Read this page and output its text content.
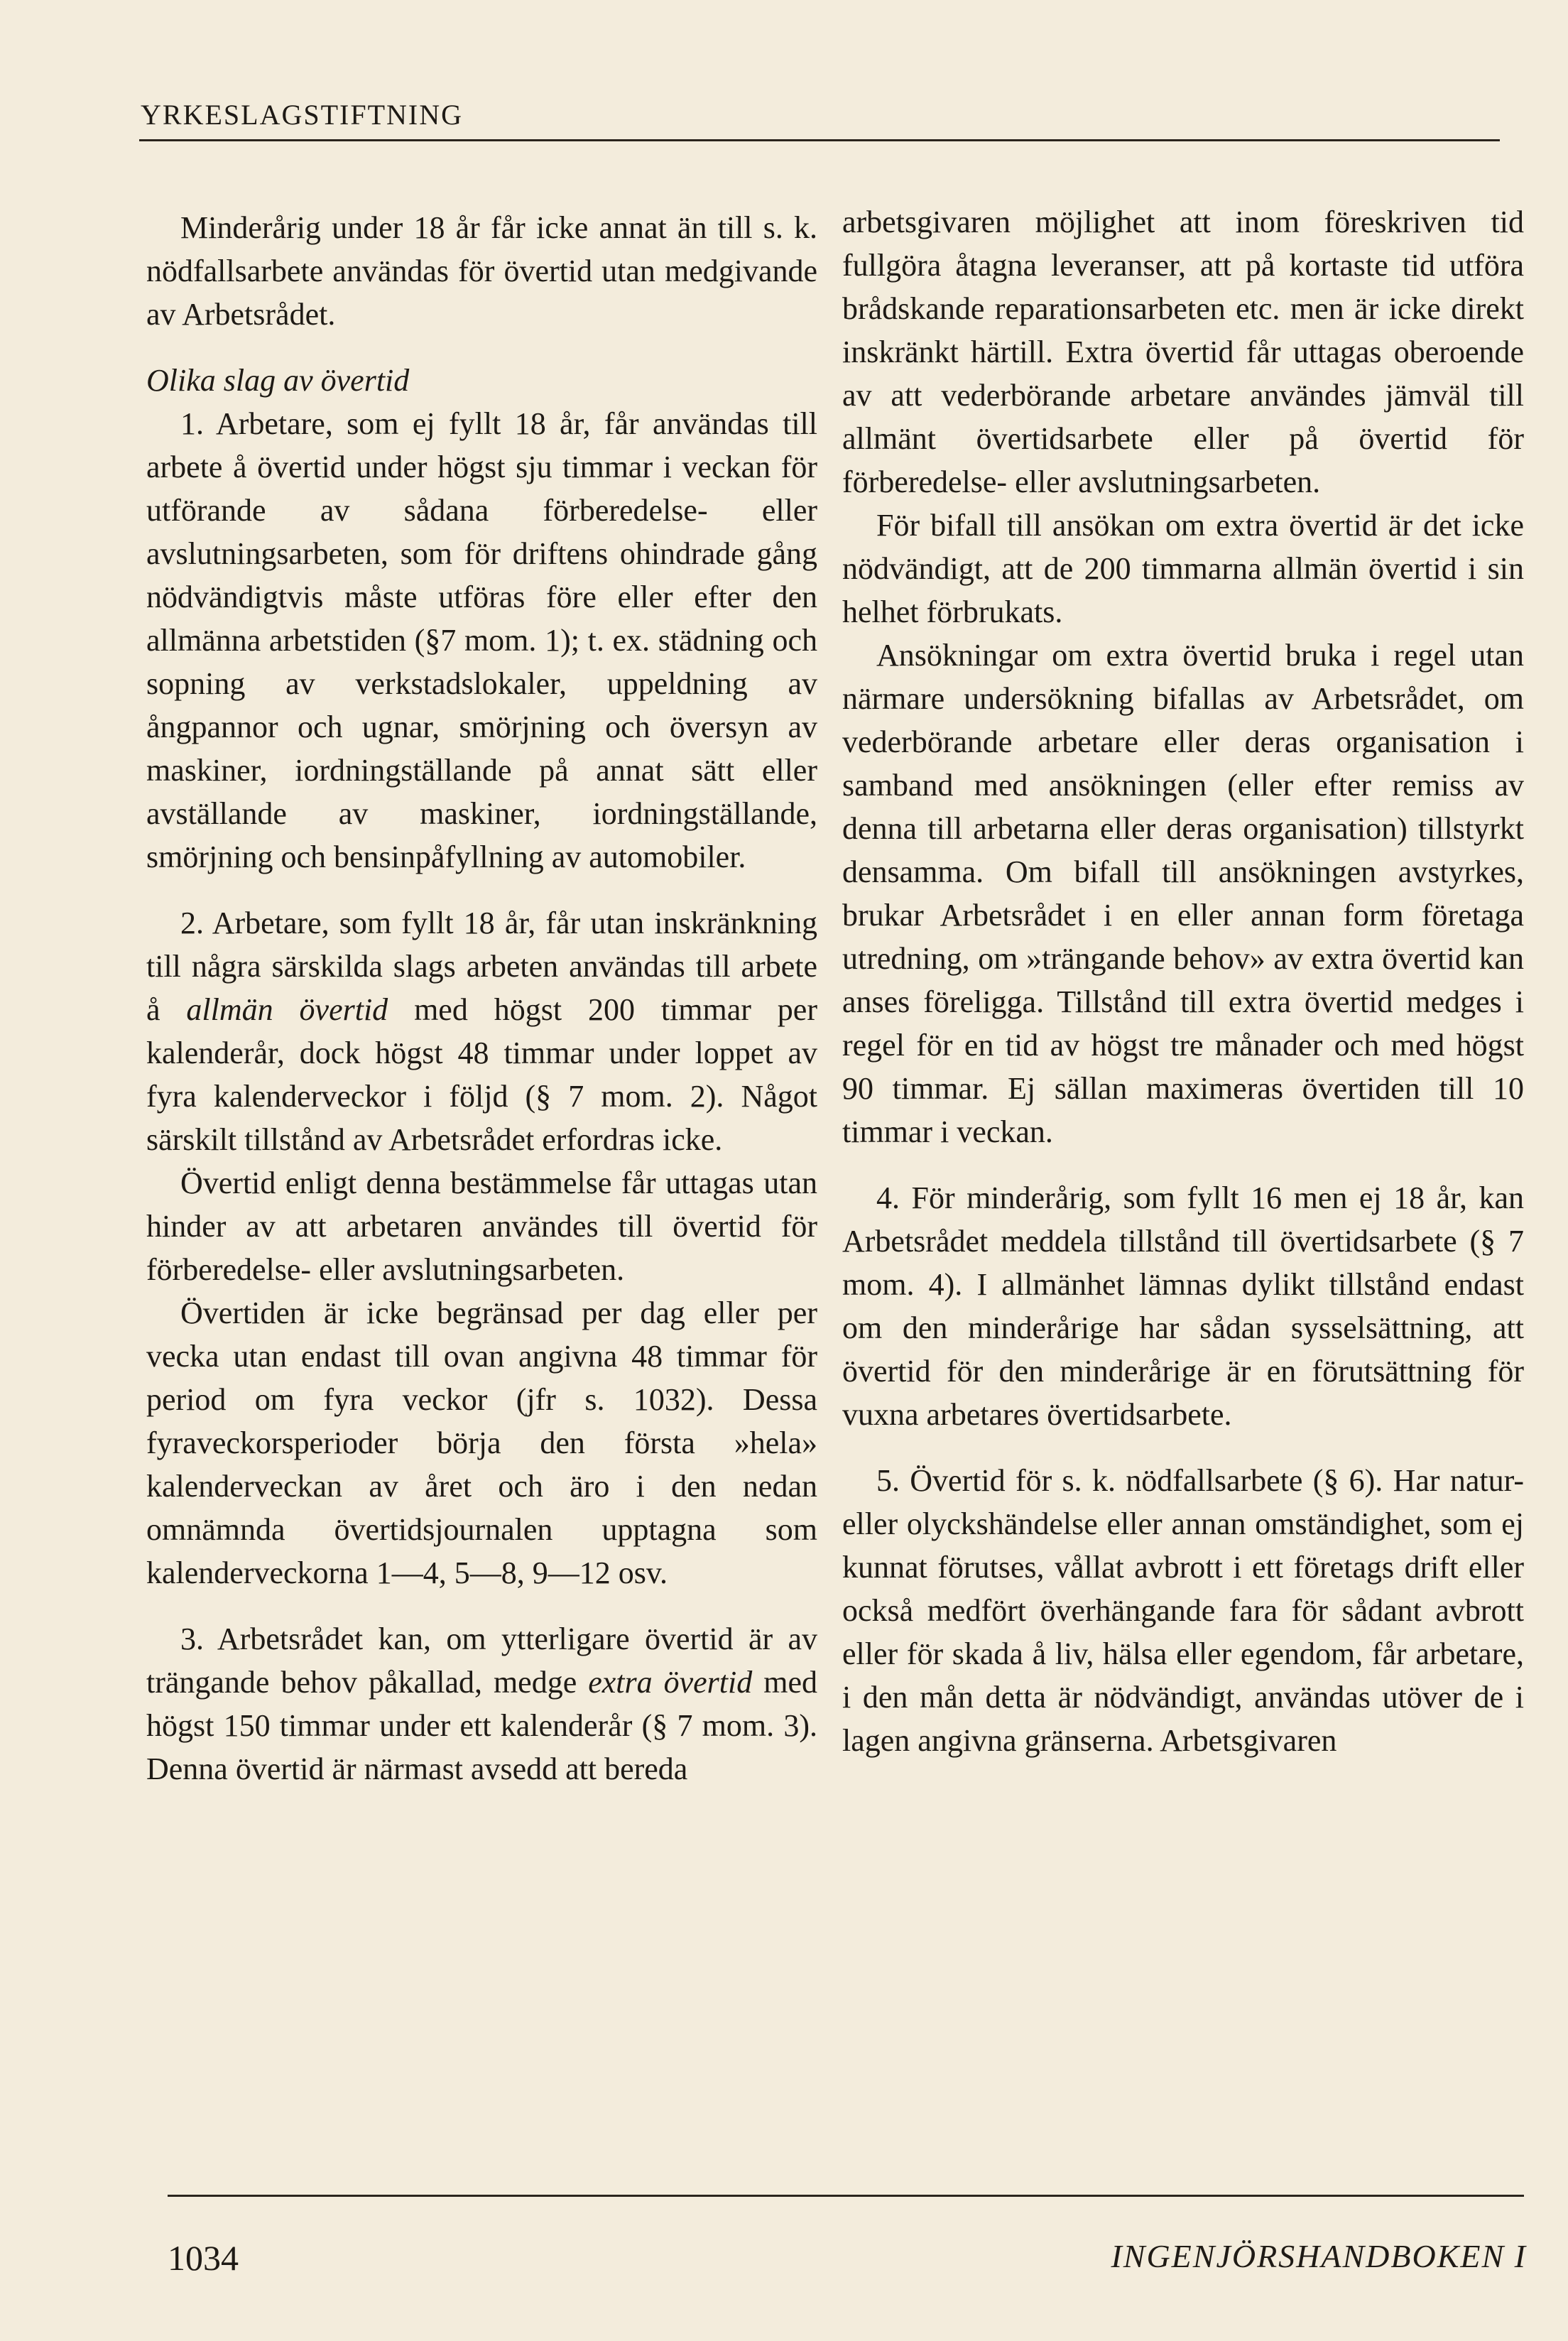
YRKESLAGSTIFTNING

Minderårig under 18 år får icke annat än till s. k. nödfallsarbete användas för övertid utan medgivande av Arbetsrådet.

Olika slag av övertid

1. Arbetare, som ej fyllt 18 år, får användas till arbete å övertid under högst sju timmar i veckan för utförande av sådana förberedelse- eller avslutningsarbeten, som för driftens ohindrade gång nödvändigtvis måste utföras före eller efter den allmänna arbetstiden (§7 mom. 1); t. ex. städning och sopning av verkstadslokaler, uppeldning av ångpannor och ugnar, smörjning och översyn av maskiner, iordningställande på annat sätt eller avställande av maskiner, iordningställande, smörjning och bensinpåfyllning av automobiler.

2. Arbetare, som fyllt 18 år, får utan inskränkning till några särskilda slags arbeten användas till arbete å allmän övertid med högst 200 timmar per kalenderår, dock högst 48 timmar under loppet av fyra kalenderveckor i följd (§ 7 mom. 2). Något särskilt tillstånd av Arbetsrådet erfordras icke.

Övertid enligt denna bestämmelse får uttagas utan hinder av att arbetaren användes till övertid för förberedelse- eller avslutningsarbeten.

Övertiden är icke begränsad per dag eller per vecka utan endast till ovan angivna 48 timmar för period om fyra veckor (jfr s. 1032). Dessa fyraveckorsperioder börja den första »hela» kalenderveckan av året och äro i den nedan omnämnda övertidsjournalen upptagna som kalenderveckorna 1—4, 5—8, 9—12 osv.

3. Arbetsrådet kan, om ytterligare övertid är av trängande behov påkallad, medge extra övertid med högst 150 timmar under ett kalenderår (§ 7 mom. 3). Denna övertid är närmast avsedd att bereda

arbetsgivaren möjlighet att inom föreskriven tid fullgöra åtagna leveranser, att på kortaste tid utföra brådskande reparationsarbeten etc. men är icke direkt inskränkt härtill. Extra övertid får uttagas oberoende av att vederbörande arbetare användes jämväl till allmänt övertidsarbete eller på övertid för förberedelse- eller avslutningsarbeten.

För bifall till ansökan om extra övertid är det icke nödvändigt, att de 200 timmarna allmän övertid i sin helhet förbrukats.

Ansökningar om extra övertid bruka i regel utan närmare undersökning bifallas av Arbetsrådet, om vederbörande arbetare eller deras organisation i samband med ansökningen (eller efter remiss av denna till arbetarna eller deras organisation) tillstyrkt densamma. Om bifall till ansökningen avstyrkes, brukar Arbetsrådet i en eller annan form företaga utredning, om »trängande behov» av extra övertid kan anses föreligga. Tillstånd till extra övertid medges i regel för en tid av högst tre månader och med högst 90 timmar. Ej sällan maximeras övertiden till 10 timmar i veckan.

4. För minderårig, som fyllt 16 men ej 18 år, kan Arbetsrådet meddela tillstånd till övertidsarbete (§ 7 mom. 4). I allmänhet lämnas dylikt tillstånd endast om den minderårige har sådan sysselsättning, att övertid för den minderårige är en förutsättning för vuxna arbetares övertidsarbete.

5. Övertid för s. k. nödfallsarbete (§ 6). Har natur- eller olyckshändelse eller annan omständighet, som ej kunnat förutses, vållat avbrott i ett företags drift eller också medfört överhängande fara för sådant avbrott eller för skada å liv, hälsa eller egendom, får arbetare, i den mån detta är nödvändigt, användas utöver de i lagen angivna gränserna. Arbetsgivaren

1034	INGENJÖRSHANDBOKEN I
